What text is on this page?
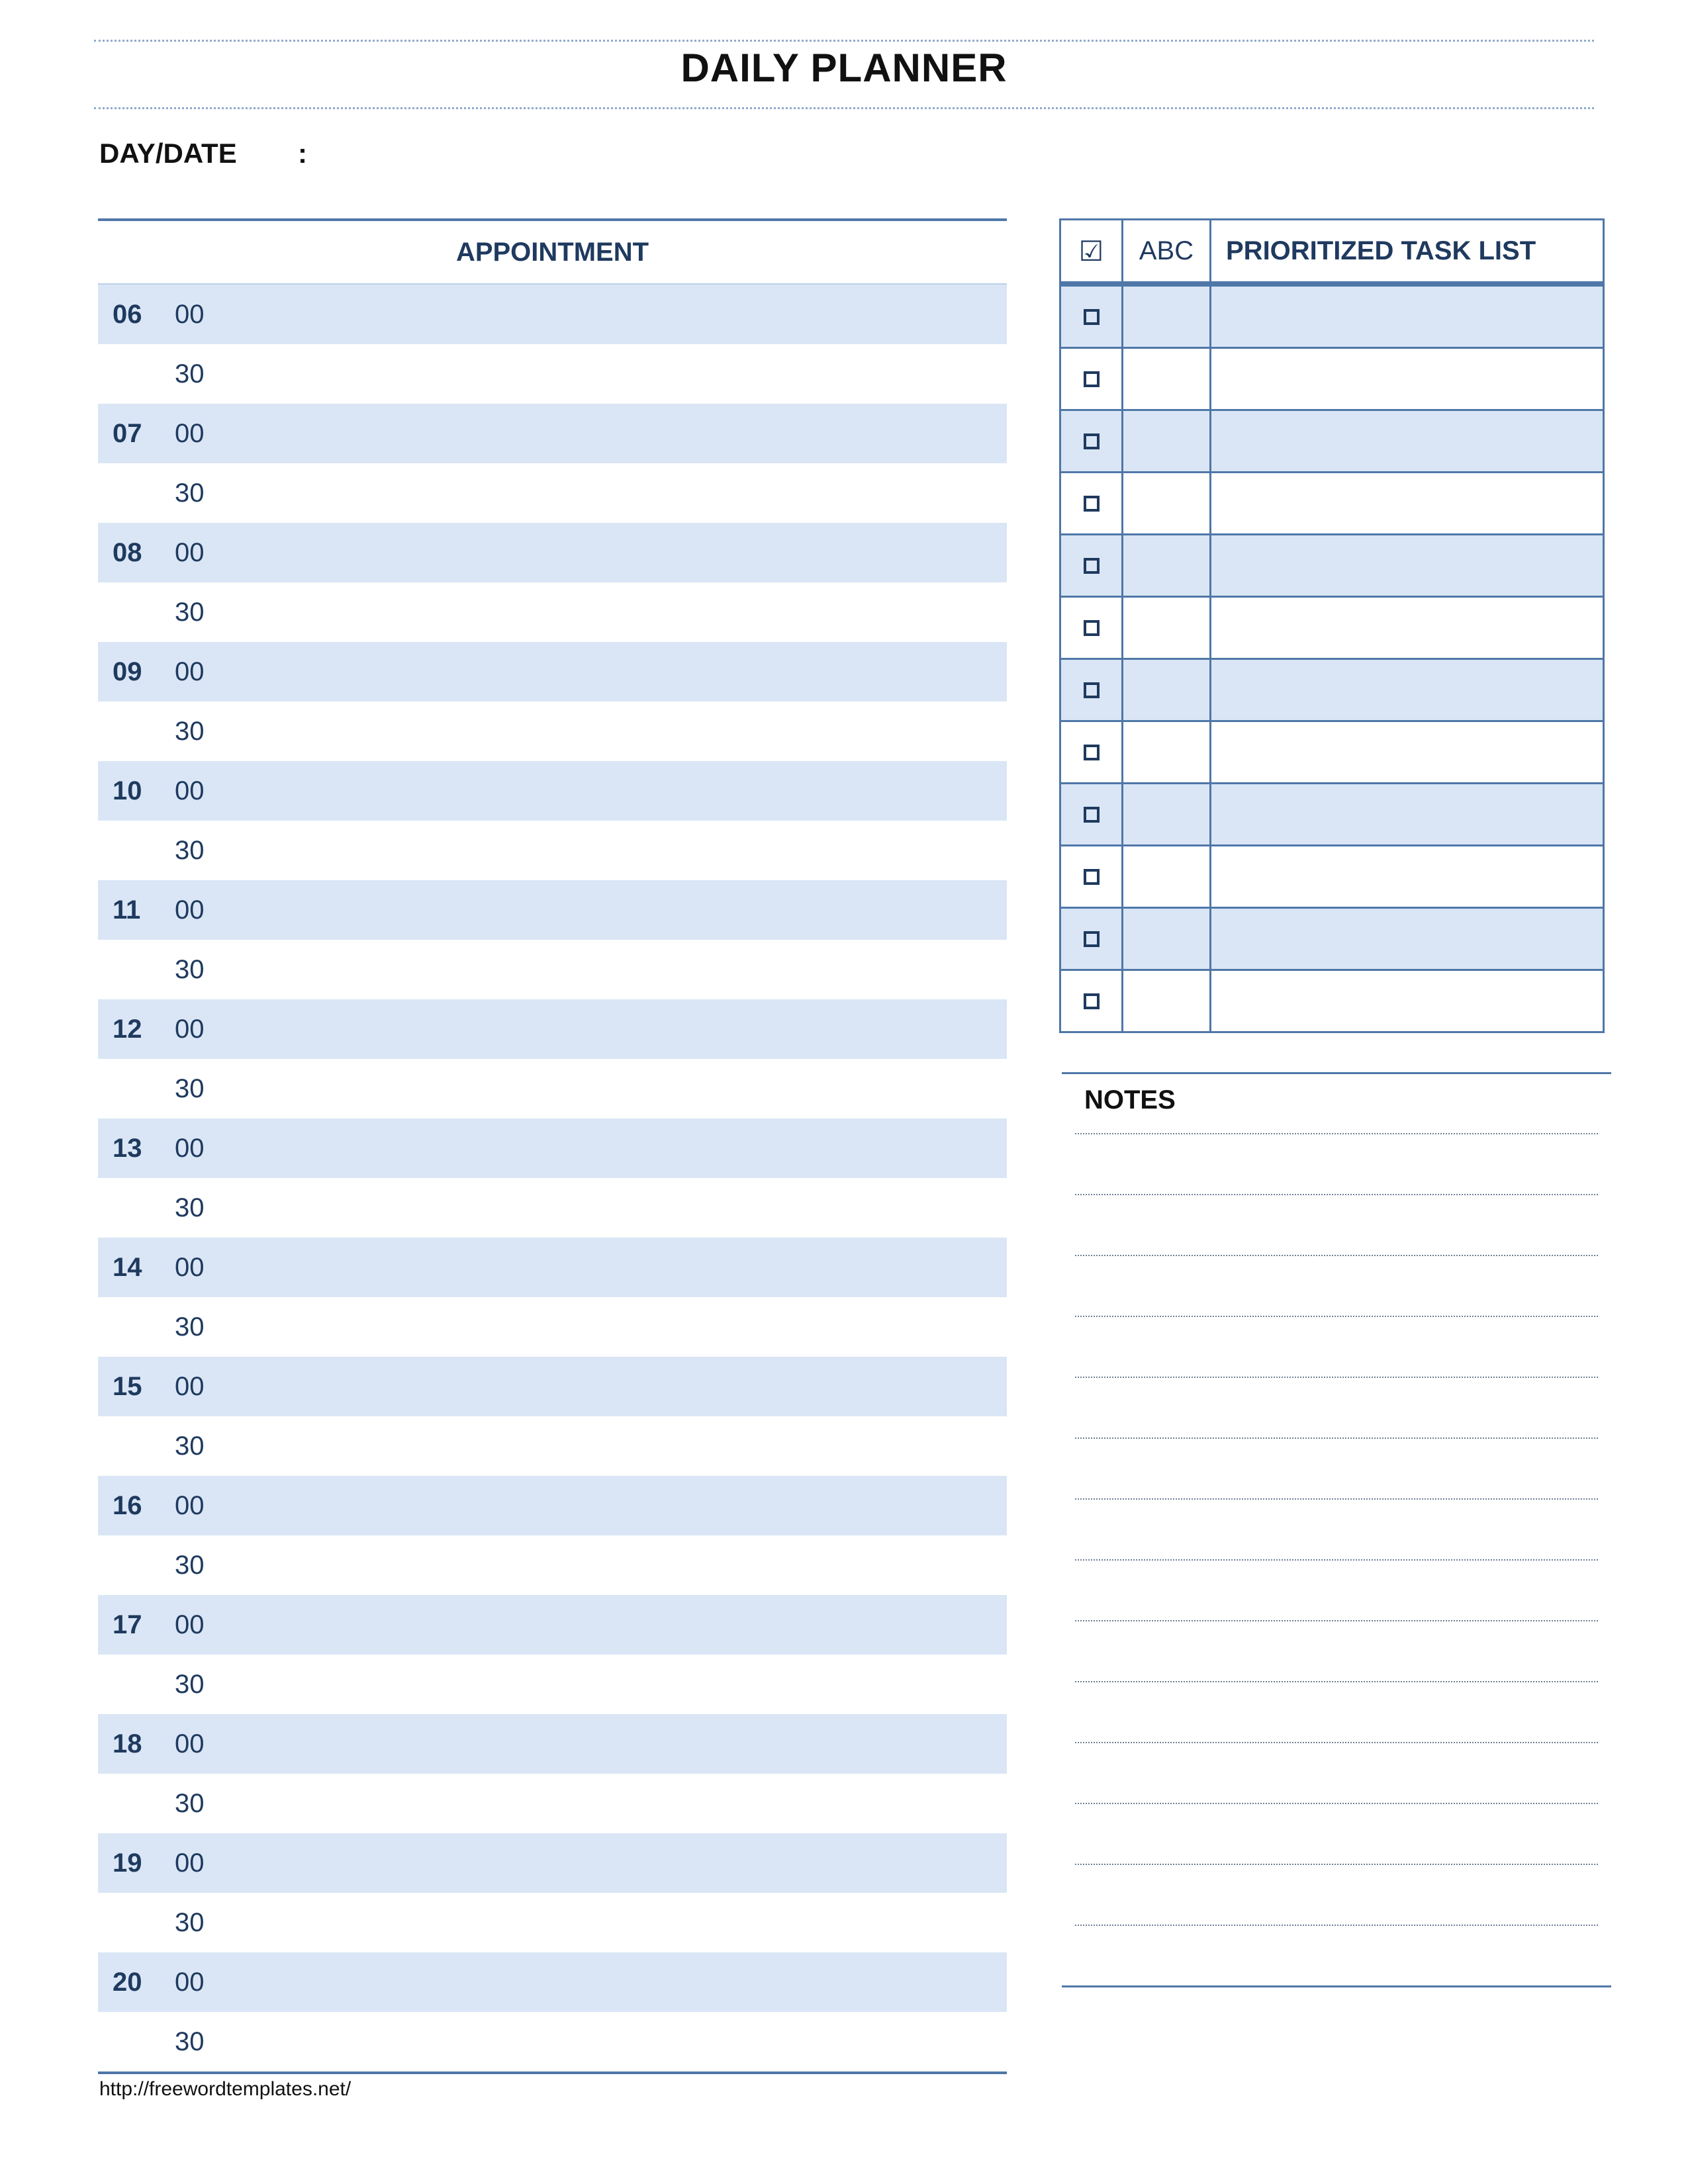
DAILY PLANNER
DAY/DATE :
APPOINTMENT
06	00
30
07	00
30
08	00
30
09	00
30
10	00
30
11	00
30
12	00
30
13	00
30
14	00
30
15	00
30
16	00
30
17	00
30
18	00
30
19	00
30
20	00
30
http://freewordtemplates.net/
☑	ABC	PRIORITIZED TASK LIST

NOTES
